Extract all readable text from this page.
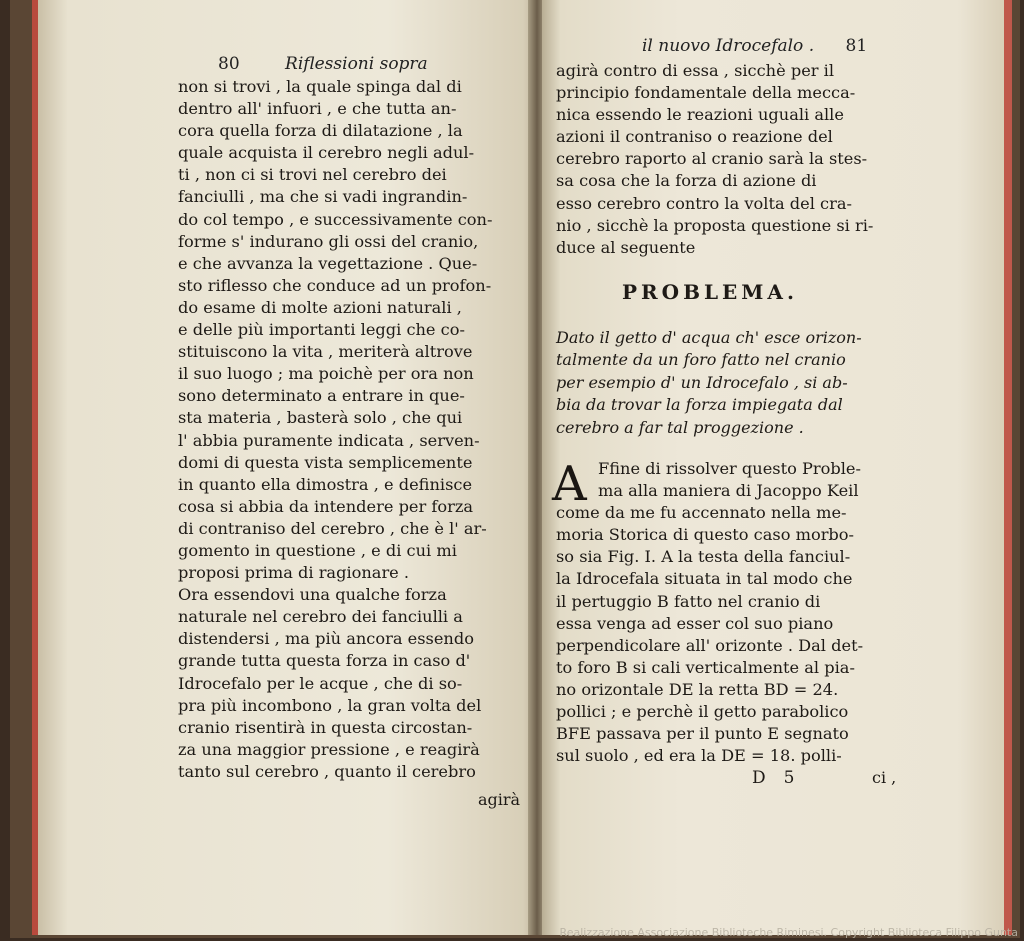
80	Riflessioni sopra
non si trovi , la quale spinga dal di
dentro all' infuori , e che tutta an-
cora quella forza di dilatazione , la
quale acquista il cerebro negli adul-
ti , non ci si trovi nel cerebro dei
fanciulli , ma che si vadi ingrandin-
do col tempo , e successivamente con-
forme s' indurano gli ossi del cranio,
e che avvanza la vegettazione . Que-
sto riflesso che conduce ad un profon-
do esame di molte azioni naturali ,
e delle più importanti leggi che co-
stituiscono la vita , meriterà altrove
il suo luogo ; ma poichè per ora non
sono determinato a entrare in que-
sta materia , basterà solo , che qui
l' abbia puramente indicata , serven-
domi di questa vista semplicemente
in quanto ella dimostra , e definisce
cosa si abbia da intendere per forza
di contraniso del cerebro , che è l' ar-
gomento in questione , e di cui mi
proposi prima di ragionare .
Ora essendovi una qualche forza
naturale nel cerebro dei fanciulli a
distendersi , ma più ancora essendo
grande tutta questa forza in caso d'
Idrocefalo per le acque , che di so-
pra più incombono , la gran volta del
cranio risentirà in questa circostan-
za una maggior pressione , e reagirà
tanto sul cerebro , quanto il cerebro
agirà
il nuovo Idrocefalo . 81
agirà contro di essa , sicchè per il
principio fondamentale della mecca-
nica essendo le reazioni uguali alle
azioni il contraniso o reazione del
cerebro raporto al cranio sarà la stes-
sa cosa che la forza di azione di
esso cerebro contro la volta del cra-
nio , sicchè la proposta questione si ri-
duce al seguente
PROBLEMA.
Dato il getto d' acqua ch' esce orizon-
talmente da un foro fatto nel cranio
per esempio d' un Idrocefalo , si ab-
bia da trovar la forza impiegata dal
cerebro a far tal proggezione .
A Ffine di rissolver questo Proble-
ma alla maniera di Jacoppo Keil
come da me fu accennato nella me-
moria Storica di questo caso morbo-
so sia Fig. I. A la testa della fanciul-
la Idrocefala situata in tal modo che
il pertuggio B fatto nel cranio di
essa venga ad esser col suo piano
perpendicolare all' orizonte . Dal det-
to foro B si cali verticalmente al pia-
no orizontale DE la retta BD = 24.
pollici ; e perchè il getto parabolico
BFE passava per il punto E segnato
sul suolo , ed era la DE = 18. polli-
D 5	ci ,
Realizzazione Associazione Biblioteche Riminesi. Copyright Biblioteca Filippo Gunta
